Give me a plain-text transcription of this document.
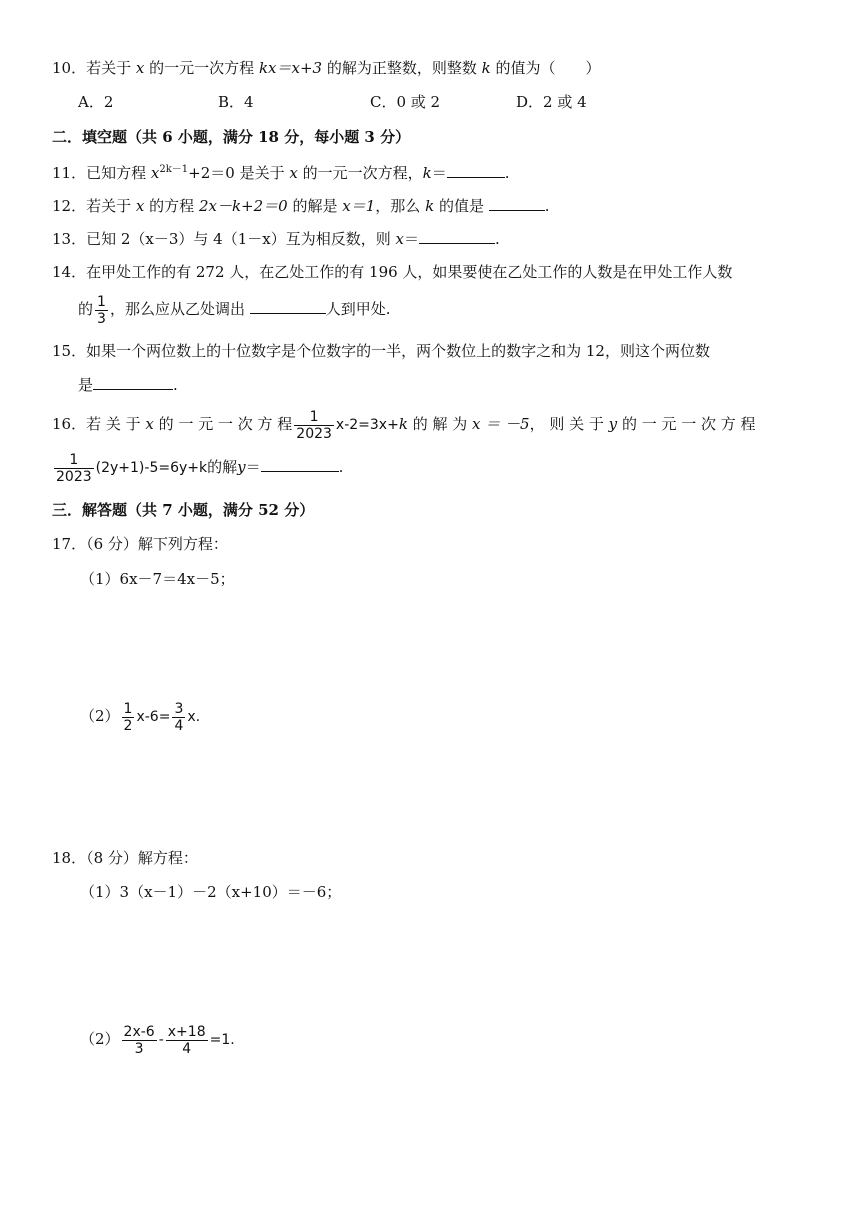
10．若关于 x 的一元一次方程 kx＝x+3 的解为正整数，则整数 k 的值为（　　）
A．2	B．4	C．0 或 2	D．2 或 4
二．填空题（共 6 小题，满分 18 分，每小题 3 分）
11．已知方程 $x^{2k-1}+2=0$ 是关于 x 的一元一次方程，k＝	.
12．若关于 x 的方程 2x－k+2＝0 的解是 x＝1，那么 k 的值是	.
13．已知 2（x－3）与 4（1－x）互为相反数，则 x＝	.
14．在甲处工作的有 272 人，在乙处工作的有 196 人，如果要使在乙处工作的人数是在甲处工作人数
的 $\frac{1}{3}$ ，那么应从乙处调出	人到甲处.
15．如果一个两位数上的十位数字是个位数字的一半，两个数位上的数字之和为 12，则这个两位数
是	.
16．若 关 于 x 的 一 元 一 次 方 程 $\frac{1}{2023} x-2=3x+k$ 的 解 为 x ＝ －5， 则 关 于 y 的 一 元 一 次 方 程
$\frac{1}{2023} (2y+1)-5=6y+k$的解y＝	.
三．解答题（共 7 小题，满分 52 分）
17．（6 分）解下列方程：
（1）6x－7＝4x－5；
$(2) \frac{1}{2} x-6= \frac{3}{4} x$.
18．（8 分）解方程：
（1）3（x－1）－2（x+10）＝－6；
$(2) \frac{2x-6}{3} - \frac{x+18}{4} =1$.
